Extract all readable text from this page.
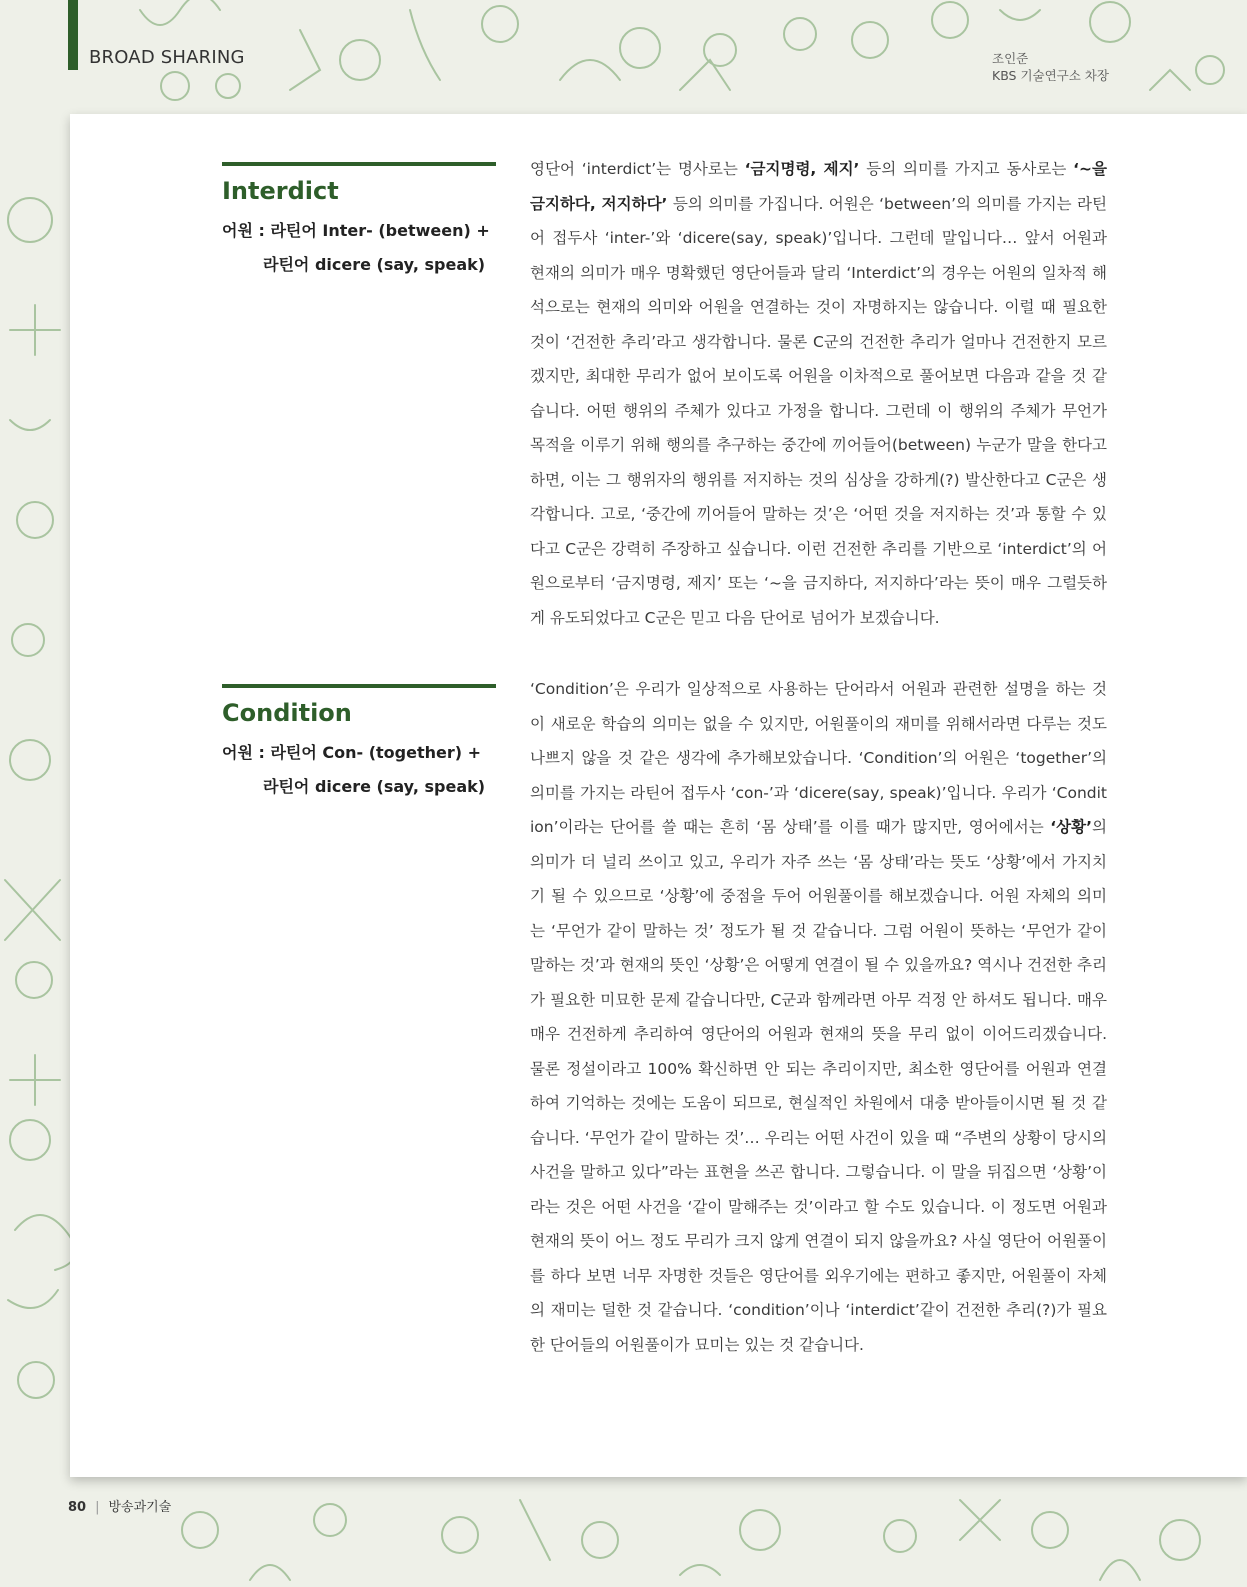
BROAD SHARING	조인준
KBS 기술연구소 차장
Interdict
어원 : 라틴어 Inter- (between) +
라틴어 dicere (say, speak)

영단어 ‘interdict’는 명사로는 ‘금지명령, 제지’ 등의 의미를 가지고 동사로는 ‘~을 금지하다, 저지하다’ 등의 의미를 가집니다. 어원은 ‘between’의 의미를 가지는 라틴어 접두사 ‘inter-’와 ‘dicere(say, speak)’입니다. 그런데 말입니다… 앞서 어원과 현재의 의미가 매우 명확했던 영단어들과 달리 ‘Interdict’의 경우는 어원의 일차적 해석으로는 현재의 의미와 어원을 연결하는 것이 자명하지는 않습니다. 이럴 때 필요한 것이 ‘건전한 추리’라고 생각합니다. 물론 C군의 건전한 추리가 얼마나 건전한지 모르겠지만, 최대한 무리가 없어 보이도록 어원을 이차적으로 풀어보면 다음과 같을 것 같습니다. 어떤 행위의 주체가 있다고 가정을 합니다. 그런데 이 행위의 주체가 무언가 목적을 이루기 위해 행의를 추구하는 중간에 끼어들어(between) 누군가 말을 한다고 하면, 이는 그 행위자의 행위를 저지하는 것의 심상을 강하게(?) 발산한다고 C군은 생각합니다. 고로, ‘중간에 끼어들어 말하는 것’은 ‘어떤 것을 저지하는 것’과 통할 수 있다고 C군은 강력히 주장하고 싶습니다. 이런 건전한 추리를 기반으로 ‘interdict’의 어원으로부터 ‘금지명령, 제지’ 또는 ‘~을 금지하다, 저지하다’라는 뜻이 매우 그럴듯하게 유도되었다고 C군은 믿고 다음 단어로 넘어가 보겠습니다.

Condition
어원 : 라틴어 Con- (together) +
라틴어 dicere (say, speak)

‘Condition’은 우리가 일상적으로 사용하는 단어라서 어원과 관련한 설명을 하는 것이 새로운 학습의 의미는 없을 수 있지만, 어원풀이의 재미를 위해서라면 다루는 것도 나쁘지 않을 것 같은 생각에 추가해보았습니다. ‘Condition’의 어원은 ‘together’의 의미를 가지는 라틴어 접두사 ‘con-’과 ‘dicere(say, speak)’입니다. 우리가 ‘Condition’이라는 단어를 쓸 때는 흔히 ‘몸 상태’를 이를 때가 많지만, 영어에서는 ‘상황’의 의미가 더 널리 쓰이고 있고, 우리가 자주 쓰는 ‘몸 상태’라는 뜻도 ‘상황’에서 가지치기 될 수 있으므로 ‘상황’에 중점을 두어 어원풀이를 해보겠습니다. 어원 자체의 의미는 ‘무언가 같이 말하는 것’ 정도가 될 것 같습니다. 그럼 어원이 뜻하는 ‘무언가 같이 말하는 것’과 현재의 뜻인 ‘상황’은 어떻게 연결이 될 수 있을까요? 역시나 건전한 추리가 필요한 미묘한 문제 같습니다만, C군과 함께라면 아무 걱정 안 하셔도 됩니다. 매우 매우 건전하게 추리하여 영단어의 어원과 현재의 뜻을 무리 없이 이어드리겠습니다. 물론 정설이라고 100% 확신하면 안 되는 추리이지만, 최소한 영단어를 어원과 연결하여 기억하는 것에는 도움이 되므로, 현실적인 차원에서 대충 받아들이시면 될 것 같습니다. ‘무언가 같이 말하는 것’… 우리는 어떤 사건이 있을 때 “주변의 상황이 당시의 사건을 말하고 있다”라는 표현을 쓰곤 합니다. 그렇습니다. 이 말을 뒤집으면 ‘상황’이라는 것은 어떤 사건을 ‘같이 말해주는 것’이라고 할 수도 있습니다. 이 정도면 어원과 현재의 뜻이 어느 정도 무리가 크지 않게 연결이 되지 않을까요? 사실 영단어 어원풀이를 하다 보면 너무 자명한 것들은 영단어를 외우기에는 편하고 좋지만, 어원풀이 자체의 재미는 덜한 것 같습니다. ‘condition’이나 ‘interdict’같이 건전한 추리(?)가 필요한 단어들의 어원풀이가 묘미는 있는 것 같습니다.

80 | 방송과기술
